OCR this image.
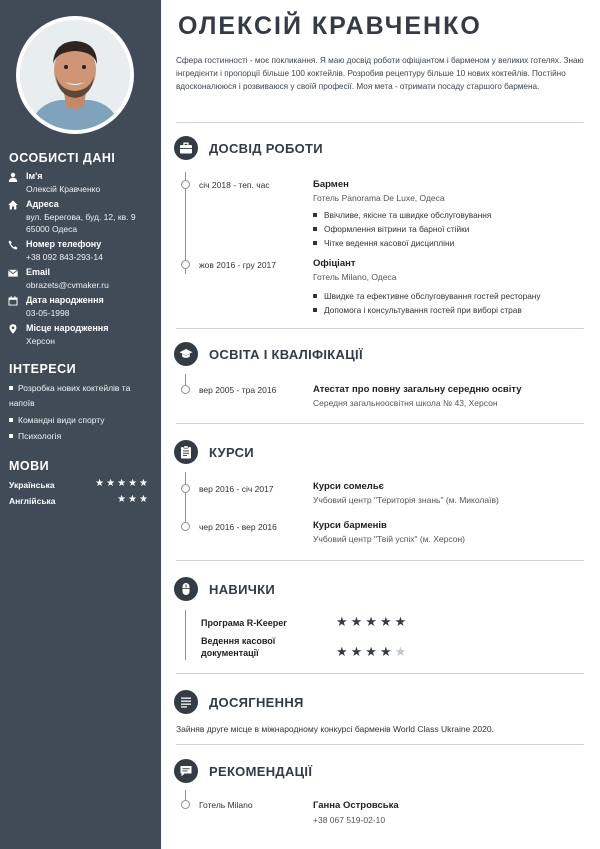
ОСОБИСТІ ДАНІ
Ім'я
Олексій Кравченко
Адреса
вул. Берегова, буд. 12, кв. 9
65000 Одеса
Номер телефону
+38 092 843-293-14
Email
obrazets@cvmaker.ru
Дата народження
03-05-1998
Місце народження
Херсон
ІНТЕРЕСИ
Розробка нових коктейлів та напоїв
Командні види спорту
Психологія
МОВИ
Українська	★★★★★
Англійська	★★★
ОЛЕКСІЙ КРАВЧЕНКО
Сфера гостинності - моє покликання. Я маю досвід роботи офіціантом і барменом у великих готелях. Знаю інгредієнти і пропорції більше 100 коктейлів. Розробив рецептуру більше 10 нових коктейлів. Постійно вдосконалююся і розвиваюся у своїй професії. Моя мета - отримати посаду старшого бармена.
ДОСВІД РОБОТИ
січ 2018 - теп. час	Бармен
Готель Panorama De Luxe, Одеса
Ввічливе, якісне та швидке обслуговування
Оформлення вітрини та барної стійки
Чітке ведення касової дисципліни
жов 2016 - гру 2017	Офіціант
Готель Milano, Одеса
Швидке та ефективне обслуговування гостей ресторану
Допомога і консультування гостей при виборі страв
ОСВІТА І КВАЛІФІКАЦІЇ
вер 2005 - тра 2016	Атестат про повну загальну середню освіту
Середня загальноосвітня школа № 43, Херсон
КУРСИ
вер 2016 - січ 2017	Курси сомельє
Учбовий центр "Територія знань" (м. Миколаїв)
чер 2016 - вер 2016	Курси барменів
Учбовий центр "Твій успіх" (м. Херсон)
НАВИЧКИ
Програма R-Keeper	★★★★★
Ведення касової
документації	★★★★★
ДОСЯГНЕННЯ
Зайняв друге місце в міжнародному конкурсі барменів World Class Ukraine 2020.
РЕКОМЕНДАЦІЇ
Готель Milano	Ганна Островська
+38 067 519-02-10
